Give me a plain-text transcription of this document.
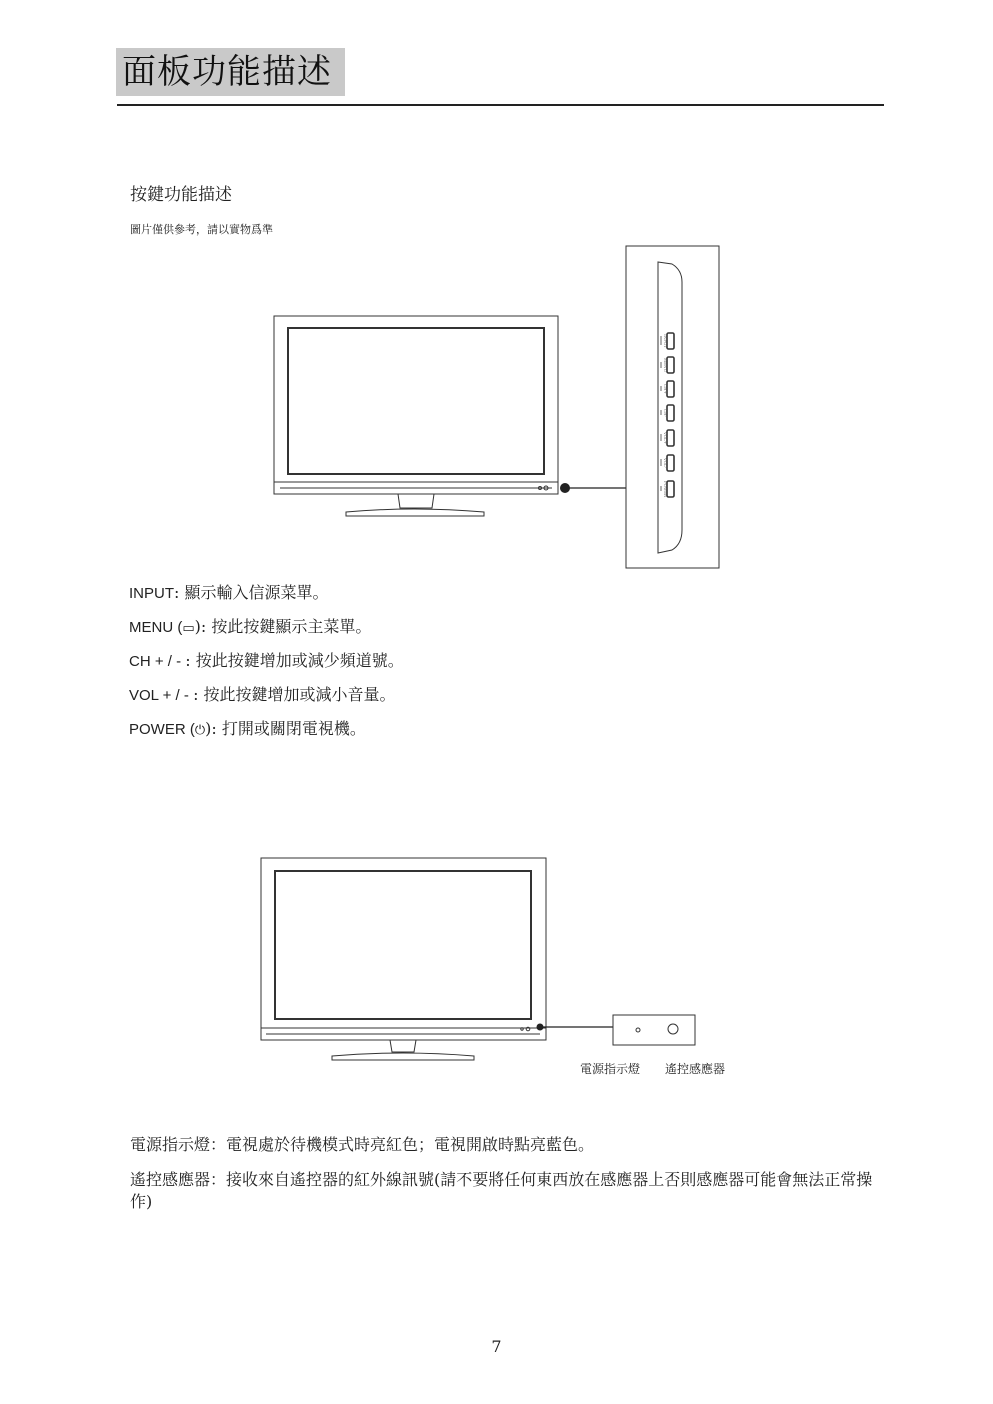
面板功能描述
按鍵功能描述
圖片僅供參考，請以實物爲準
INPUT
MENU
CH+
CH-
VOL+
VOL-
POWER
電源指示燈 遙控感應器
INPUT: 顯示輸入信源菜單。
MENU (▭): 按此按鍵顯示主菜單。
CH + / - : 按此按鍵增加或減少頻道號。
VOL + / - : 按此按鍵增加或減小音量。
POWER (⏻): 打開或關閉電視機。
電源指示燈：電視處於待機模式時亮紅色；電視開啟時點亮藍色。
遙控感應器：接收來自遙控器的紅外線訊號(請不要將任何東西放在感應器上否則感應器可能會無法正常操作)
7
